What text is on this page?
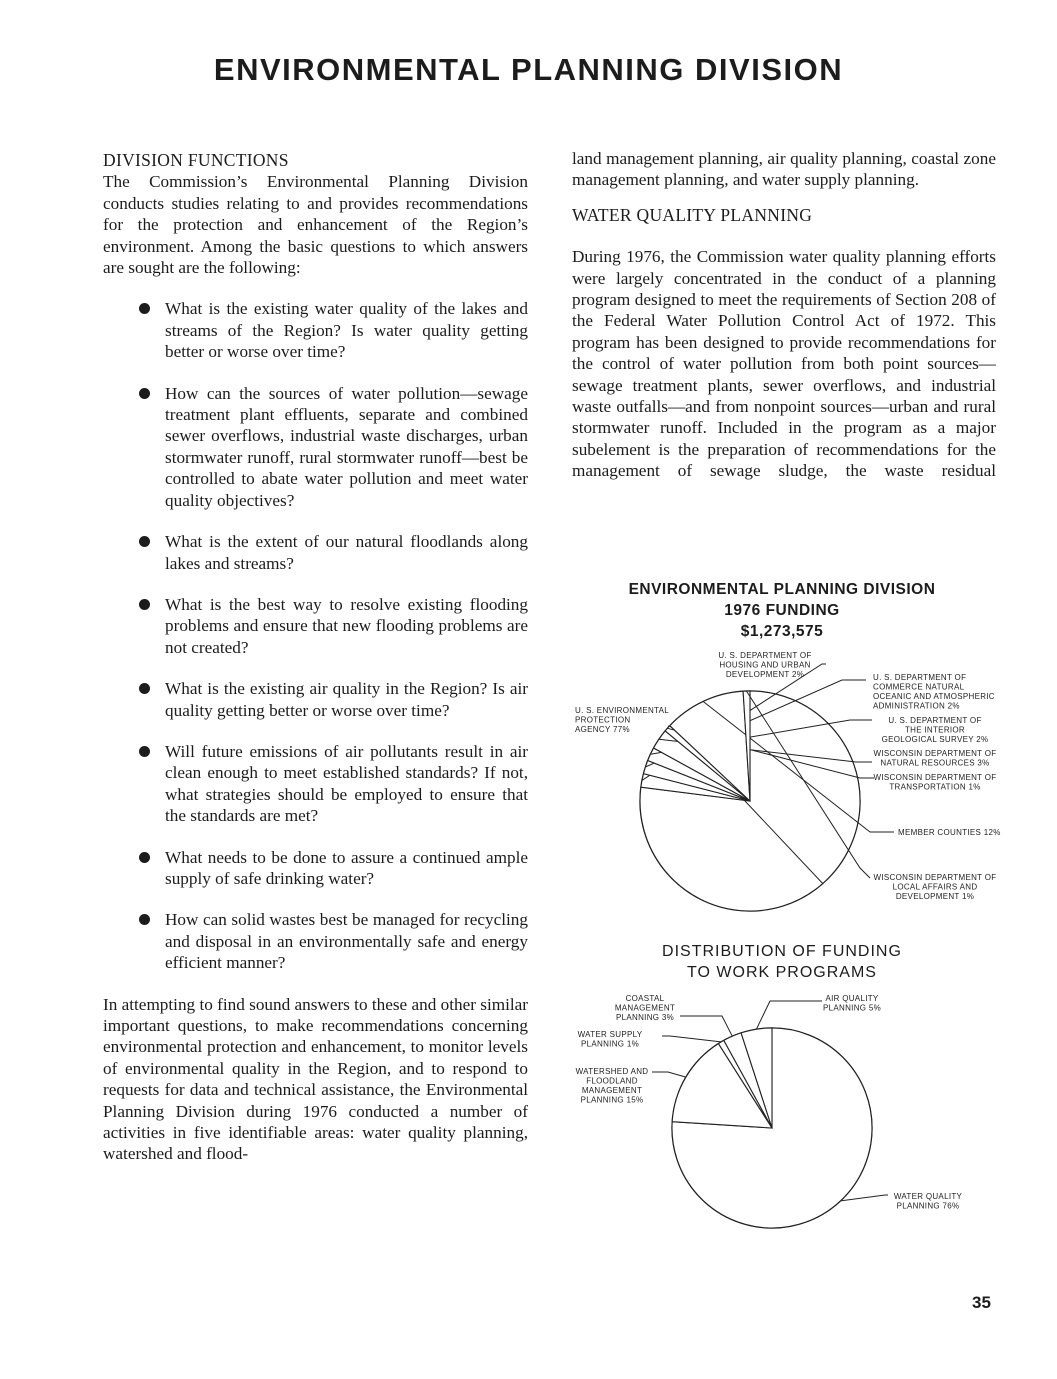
ENVIRONMENTAL PLANNING DIVISION
DIVISION FUNCTIONS

The Commission’s Environmental Planning Division conducts studies relating to and provides recommendations for the protection and enhancement of the Region’s environment. Among the basic questions to which answers are sought are the following:

What is the existing water quality of the lakes and streams of the Region? Is water quality getting better or worse over time?
How can the sources of water pollution—sewage treatment plant effluents, separate and combined sewer overflows, industrial waste discharges, urban stormwater runoff, rural stormwater runoff—best be controlled to abate water pollution and meet water quality objectives?
What is the extent of our natural floodlands along lakes and streams?
What is the best way to resolve existing flooding problems and ensure that new flooding problems are not created?
What is the existing air quality in the Region? Is air quality getting better or worse over time?
Will future emissions of air pollutants result in air clean enough to meet established standards? If not, what strategies should be employed to ensure that the standards are met?
What needs to be done to assure a continued ample supply of safe drinking water?
How can solid wastes best be managed for recycling and disposal in an environmentally safe and energy efficient manner?

In attempting to find sound answers to these and other similar important questions, to make recommendations concerning environmental protection and enhancement, to monitor levels of environmental quality in the Region, and to respond to requests for data and technical assistance, the Environmental Planning Division during 1976 conducted a number of activities in five identifiable areas: water quality planning, watershed and flood-

land management planning, air quality planning, coastal zone management planning, and water supply planning.

WATER QUALITY PLANNING

During 1976, the Commission water quality planning efforts were largely concentrated in the conduct of a planning program designed to meet the requirements of Section 208 of the Federal Water Pollution Control Act of 1972. This program has been designed to provide recommendations for the control of water pollution from both point sources—sewage treatment plants, sewer overflows, and industrial waste outfalls—and from nonpoint sources—urban and rural stormwater runoff. Included in the program as a major subelement is the preparation of recommendations for the management of sewage sludge, the waste residual

ENVIRONMENTAL PLANNING DIVISION
1976 FUNDING
$1,273,575
U. S. ENVIRONMENTAL PROTECTION AGENCY 77%
U. S. DEPARTMENT OF HOUSING AND URBAN DEVELOPMENT 2%	U. S. DEPARTMENT OF COMMERCE NATURAL OCEANIC AND ATMOSPHERIC ADMINISTRATION 2%
U. S. DEPARTMENT OF THE INTERIOR GEOLOGICAL SURVEY 2%
WISCONSIN DEPARTMENT OF NATURAL RESOURCES 3%
WISCONSIN DEPARTMENT OF TRANSPORTATION 1%
MEMBER COUNTIES 12%
WISCONSIN DEPARTMENT OF LOCAL AFFAIRS AND DEVELOPMENT 1%
DISTRIBUTION OF FUNDING
TO WORK PROGRAMS
WATER QUALITY PLANNING 76%
WATERSHED AND FLOODLAND MANAGEMENT PLANNING 15%
WATER SUPPLY PLANNING 1%
COASTAL MANAGEMENT PLANNING 3%
AIR QUALITY PLANNING 5%
35
